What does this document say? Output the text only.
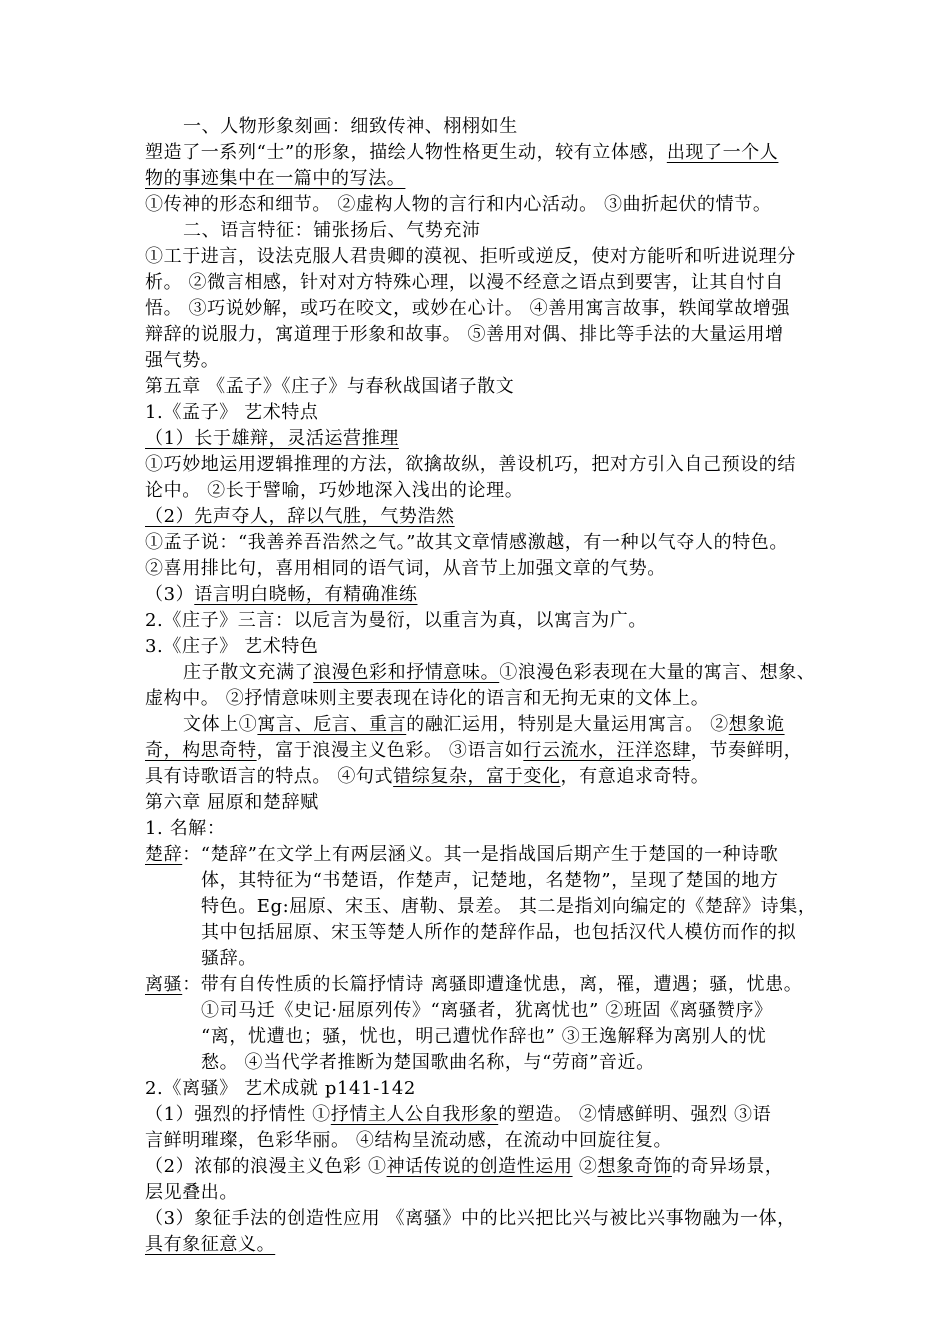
一、人物形象刻画：细致传神、栩栩如生
塑造了一系列“士”的形象，描绘人物性格更生动，较有立体感，出现了一个人
物的事迹集中在一篇中的写法。
①传神的形态和细节。 ②虚构人物的言行和内心活动。 ③曲折起伏的情节。
二、语言特征：铺张扬后、气势充沛
①工于进言，设法克服人君贵卿的漠视、拒听或逆反，使对方能听和听进说理分
析。 ②微言相感，针对对方特殊心理，以漫不经意之语点到要害，让其自忖自
悟。 ③巧说妙解，或巧在咬文，或妙在心计。 ④善用寓言故事，轶闻掌故增强
辩辞的说服力，寓道理于形象和故事。 ⑤善用对偶、排比等手法的大量运用增
强气势。
第五章 《孟子》《庄子》与春秋战国诸子散文
1.《孟子》 艺术特点
（1）长于雄辩，灵活运营推理
①巧妙地运用逻辑推理的方法，欲擒故纵，善设机巧，把对方引入自己预设的结
论中。 ②长于譬喻，巧妙地深入浅出的论理。
（2）先声夺人，辞以气胜，气势浩然
①孟子说：“我善养吾浩然之气。”故其文章情感激越，有一种以气夺人的特色。
②喜用排比句，喜用相同的语气词，从音节上加强文章的气势。
（3）语言明白晓畅，有精确准练
2.《庄子》三言：以卮言为曼衍，以重言为真，以寓言为广。
3.《庄子》 艺术特色
庄子散文充满了浪漫色彩和抒情意味。①浪漫色彩表现在大量的寓言、想象、
虚构中。 ②抒情意味则主要表现在诗化的语言和无拘无束的文体上。
文体上①寓言、卮言、重言的融汇运用，特别是大量运用寓言。 ②想象诡
奇，构思奇特，富于浪漫主义色彩。 ③语言如行云流水，汪洋恣肆，节奏鲜明，
具有诗歌语言的特点。 ④句式错综复杂，富于变化，有意追求奇特。
第六章 屈原和楚辞赋
1. 名解：
楚辞：“楚辞”在文学上有两层涵义。其一是指战国后期产生于楚国的一种诗歌
体，其特征为“书楚语，作楚声，记楚地，名楚物”，呈现了楚国的地方
特色。Eg:屈原、宋玉、唐勒、景差。 其二是指刘向编定的《楚辞》诗集，
其中包括屈原、宋玉等楚人所作的楚辞作品，也包括汉代人模仿而作的拟
骚辞。
离骚：带有自传性质的长篇抒情诗 离骚即遭逢忧患，离，罹，遭遇；骚，忧患。
①司马迁《史记·屈原列传》“离骚者，犹离忧也” ②班固《离骚赞序》
“离，忧遭也；骚，忧也，明己遭忧作辞也” ③王逸解释为离别人的忧
愁。 ④当代学者推断为楚国歌曲名称，与“劳商”音近。
2.《离骚》 艺术成就 p141-142
（1）强烈的抒情性 ①抒情主人公自我形象的塑造。 ②情感鲜明、强烈 ③语
言鲜明璀璨，色彩华丽。 ④结构呈流动感，在流动中回旋往复。
（2）浓郁的浪漫主义色彩 ①神话传说的创造性运用 ②想象奇饰的奇异场景，
层见叠出。
（3）象征手法的创造性应用 《离骚》中的比兴把比兴与被比兴事物融为一体，
具有象征意义。
